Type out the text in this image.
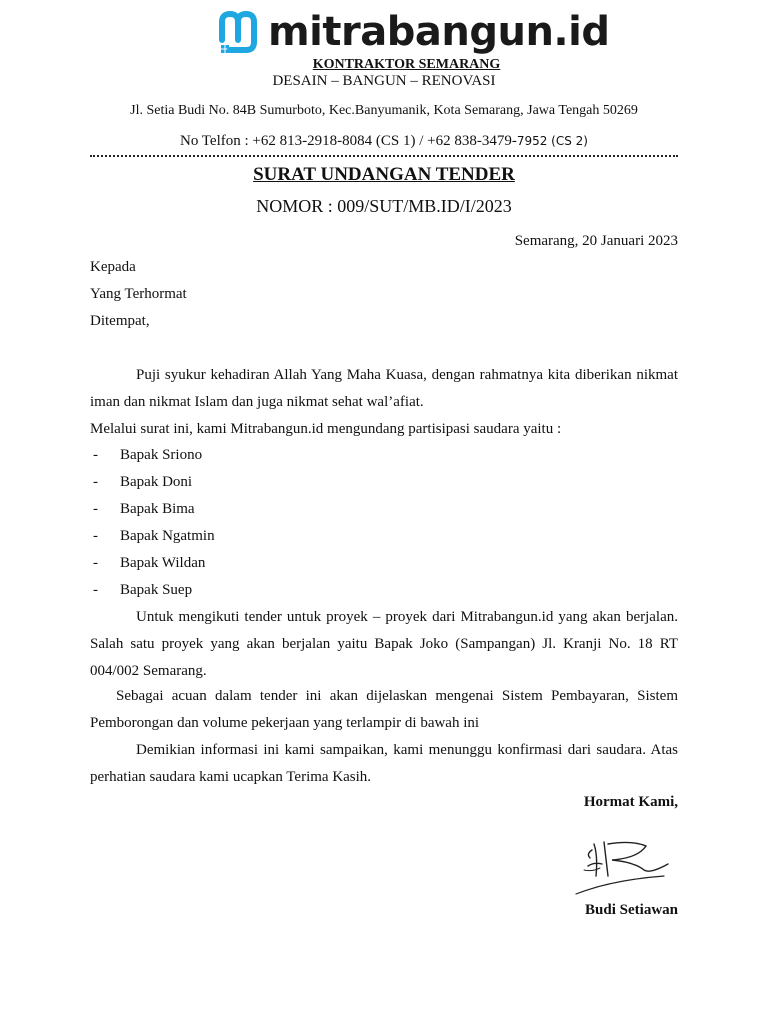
mitrabangun.id
KONTRAKTOR SEMARANG
DESAIN – BANGUN – RENOVASI
Jl. Setia Budi No. 84B Sumurboto, Kec.Banyumanik, Kota Semarang, Jawa Tengah 50269
No Telfon : +62 813-2918-8084 (CS 1) / +62 838-3479-7952 (CS 2)
SURAT UNDANGAN TENDER
NOMOR : 009/SUT/MB.ID/I/2023
Semarang, 20 Januari 2023
Kepada
Yang Terhormat
Ditempat,
Puji syukur kehadiran Allah Yang Maha Kuasa, dengan rahmatnya kita diberikan nikmat iman dan nikmat Islam dan juga nikmat sehat wal’afiat.
Melalui surat ini, kami Mitrabangun.id mengundang partisipasi saudara yaitu :
-	Bapak Sriono
-	Bapak Doni
-	Bapak Bima
-	Bapak Ngatmin
-	Bapak Wildan
-	Bapak Suep
Untuk mengikuti tender untuk proyek – proyek dari Mitrabangun.id yang akan berjalan. Salah satu proyek yang akan berjalan yaitu Bapak Joko (Sampangan) Jl. Kranji No. 18 RT 004/002 Semarang.
Sebagai acuan dalam tender ini akan dijelaskan mengenai Sistem Pembayaran, Sistem Pemborongan dan volume pekerjaan yang terlampir di bawah ini
Demikian informasi ini kami sampaikan, kami menunggu konfirmasi dari saudara. Atas perhatian saudara kami ucapkan Terima Kasih.
Hormat Kami,
Budi Setiawan
